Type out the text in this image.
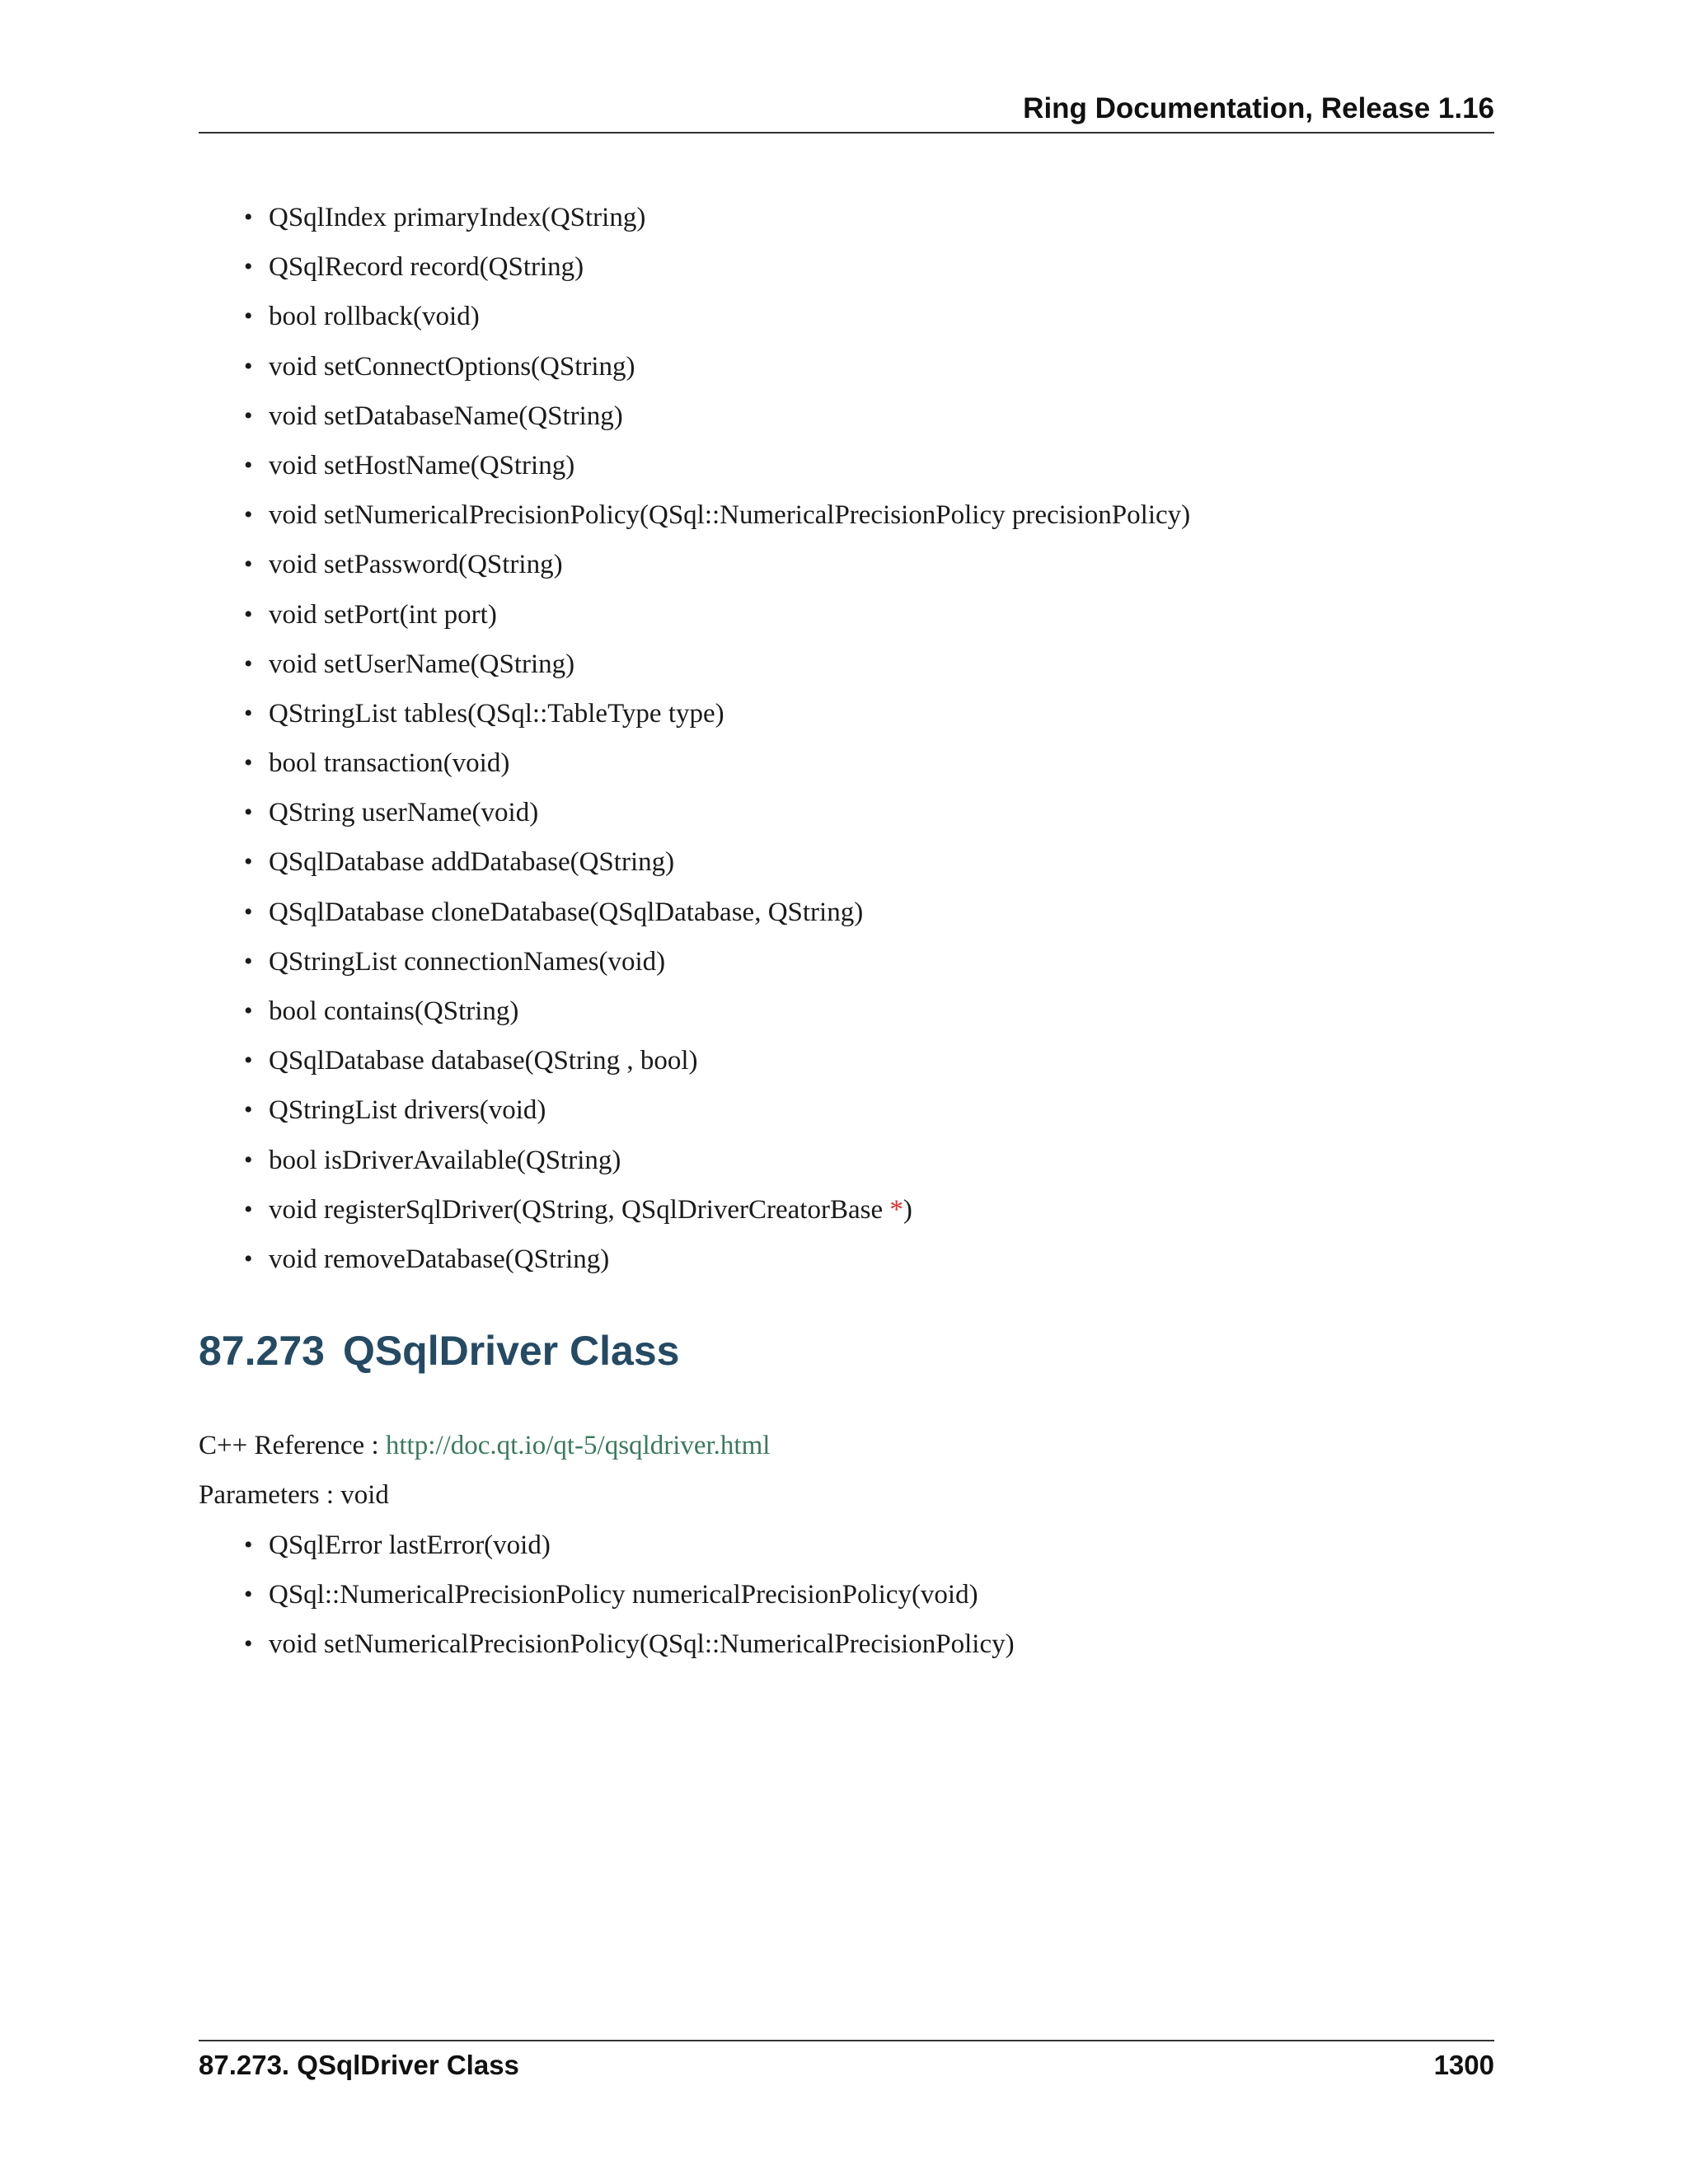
Ring Documentation, Release 1.16
• QSqlIndex primaryIndex(QString)
• QSqlRecord record(QString)
• bool rollback(void)
• void setConnectOptions(QString)
• void setDatabaseName(QString)
• void setHostName(QString)
• void setNumericalPrecisionPolicy(QSql::NumericalPrecisionPolicy precisionPolicy)
• void setPassword(QString)
• void setPort(int port)
• void setUserName(QString)
• QStringList tables(QSql::TableType type)
• bool transaction(void)
• QString userName(void)
• QSqlDatabase addDatabase(QString)
• QSqlDatabase cloneDatabase(QSqlDatabase, QString)
• QStringList connectionNames(void)
• bool contains(QString)
• QSqlDatabase database(QString , bool)
• QStringList drivers(void)
• bool isDriverAvailable(QString)
• void registerSqlDriver(QString, QSqlDriverCreatorBase *)
• void removeDatabase(QString)
87.273 QSqlDriver Class
C++ Reference : http://doc.qt.io/qt-5/qsqldriver.html
Parameters : void
• QSqlError lastError(void)
• QSql::NumericalPrecisionPolicy numericalPrecisionPolicy(void)
• void setNumericalPrecisionPolicy(QSql::NumericalPrecisionPolicy)
87.273. QSqlDriver Class	1300
